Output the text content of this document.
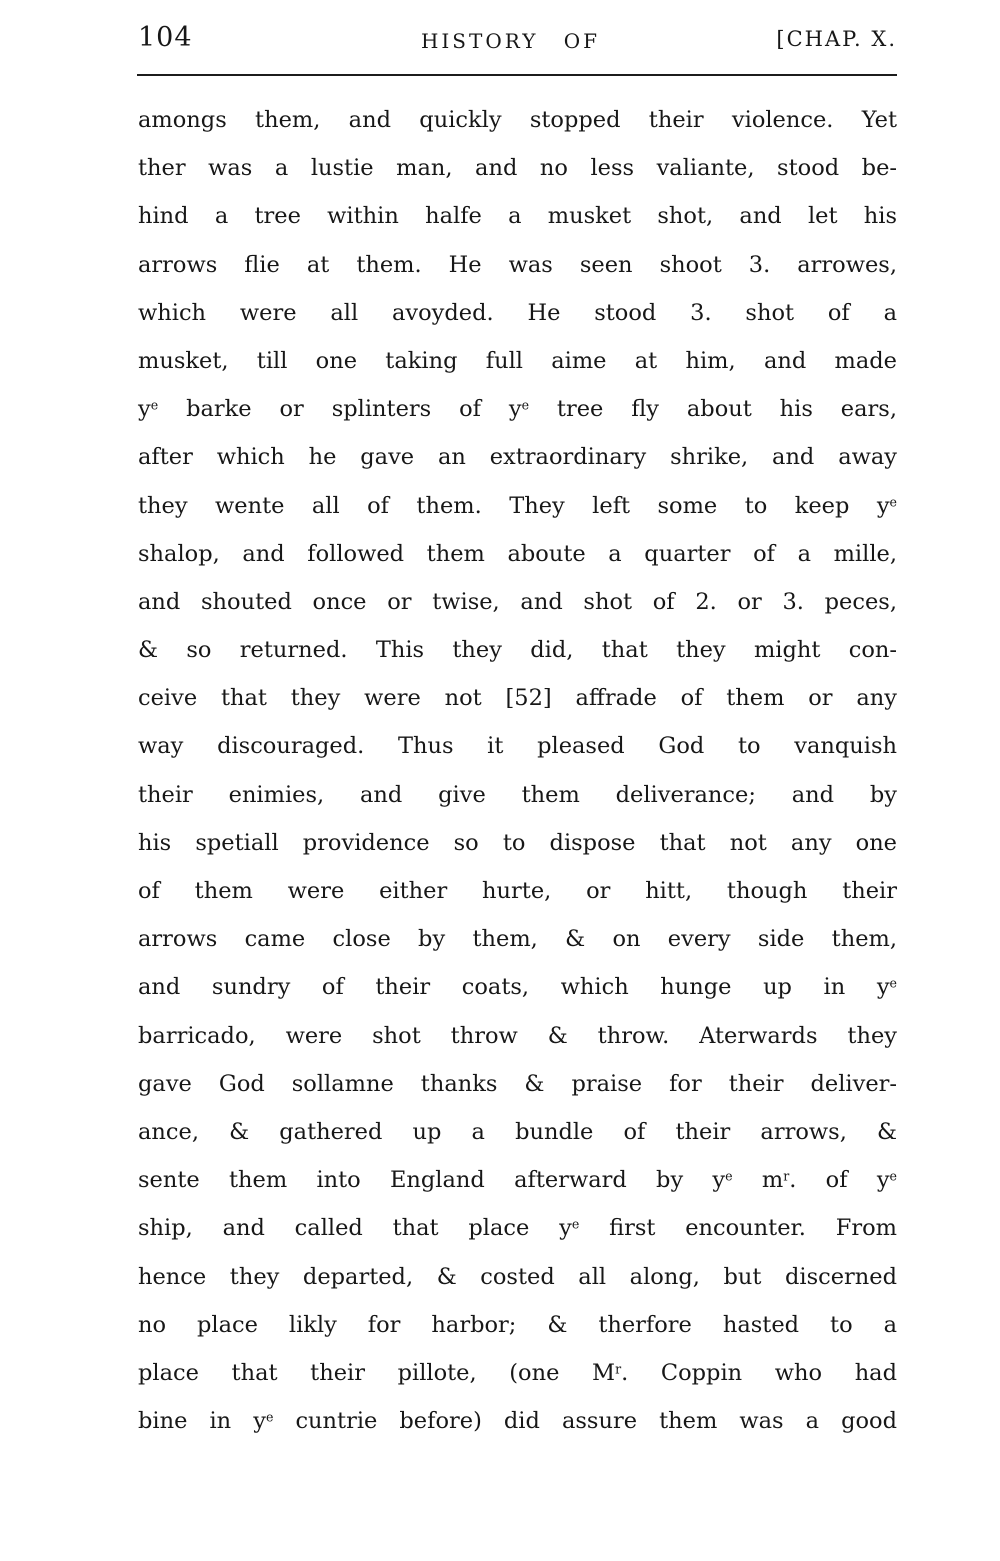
104	HISTORY OF	[CHAP. X.
amongs them, and quickly stopped their violence. Yet
ther was a lustie man, and no less valiante, stood be-
hind a tree within halfe a musket shot, and let his
arrows flie at them. He was seen shoot 3. arrowes,
which were all avoyded. He stood 3. shot of a
musket, till one taking full aime at him, and made
$y^e$ barke or splinters of $y^e$ tree fly about his ears,
after which he gave an extraordinary shrike, and away
they wente all of them. They left some to keep $y^e$
shalop, and followed them aboute a quarter of a mille,
and shouted once or twise, and shot of 2. or 3. peces,
& so returned. This they did, that they might con-
ceive that they were not [52] affrade of them or any
way discouraged. Thus it pleased God to vanquish
their enimies, and give them deliverance; and by
his spetiall providence so to dispose that not any one
of them were either hurte, or hitt, though their
arrows came close by them, & on every side them,
and sundry of their coats, which hunge up in $y^e$
barricado, were shot throw & throw. Aterwards they
gave God sollamne thanks & praise for their deliver-
ance, & gathered up a bundle of their arrows, &
sente them into England afterward by $y^e$ $m^r$. of $y^e$
ship, and called that place $y^e$ first encounter. From
hence they departed, & costed all along, but discerned
no place likly for harbor; & therfore hasted to a
place that their pillote, (one $M^r$. Coppin who had
bine in $y^e$ cuntrie before) did assure them was a good
